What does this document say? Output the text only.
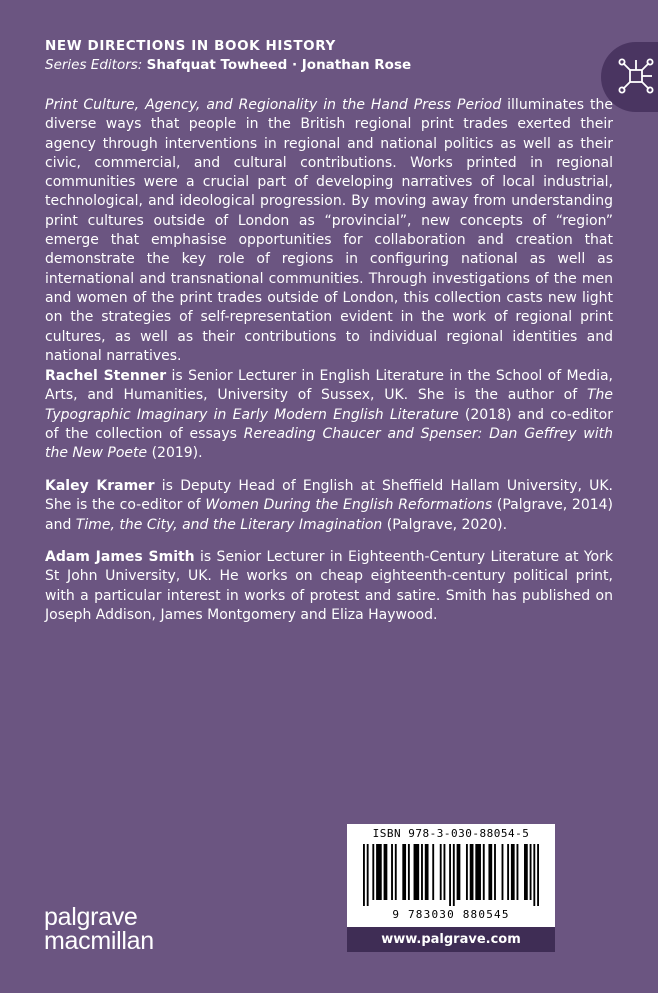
NEW DIRECTIONS IN BOOK HISTORY
Series Editors: Shafquat Towheed · Jonathan Rose
Print Culture, Agency, and Regionality in the Hand Press Period illuminates the diverse ways that people in the British regional print trades exerted their agency through interventions in regional and national politics as well as their civic, commercial, and cultural contributions. Works printed in regional communities were a crucial part of developing narratives of local industrial, technological, and ideological progression. By moving away from understanding print cultures outside of London as “provincial”, new concepts of “region” emerge that emphasise opportunities for collaboration and creation that demonstrate the key role of regions in configuring national as well as international and transnational communities. Through investigations of the men and women of the print trades outside of London, this collection casts new light on the strategies of self-representation evident in the work of regional print cultures, as well as their contributions to individual regional identities and national narratives.
Rachel Stenner is Senior Lecturer in English Literature in the School of Media, Arts, and Humanities, University of Sussex, UK. She is the author of The Typographic Imaginary in Early Modern English Literature (2018) and co-editor of the collection of essays Rereading Chaucer and Spenser: Dan Geffrey with the New Poete (2019).
Kaley Kramer is Deputy Head of English at Sheffield Hallam University, UK. She is the co-editor of Women During the English Reformations (Palgrave, 2014) and Time, the City, and the Literary Imagination (Palgrave, 2020).
Adam James Smith is Senior Lecturer in Eighteenth-Century Literature at York St John University, UK. He works on cheap eighteenth-century political print, with a particular interest in works of protest and satire. Smith has published on Joseph Addison, James Montgomery and Eliza Haywood.
ISBN 978-3-030-88054-5
9 783030 880545
www.palgrave.com
palgrave
macmillan
